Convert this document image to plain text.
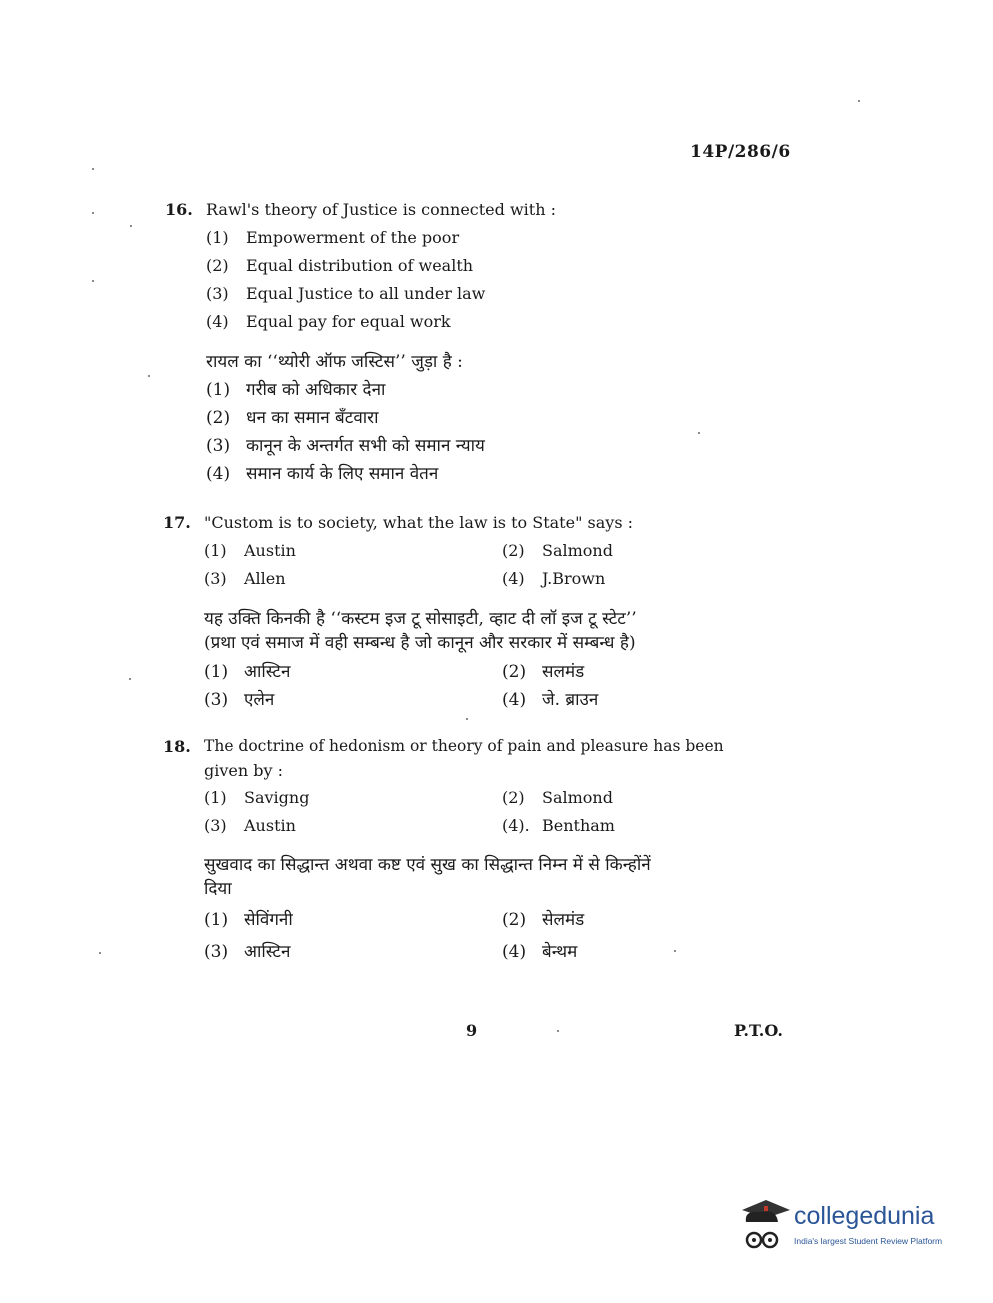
14P/286/6
16. Rawl's theory of Justice is connected with :
(1) Empowerment of the poor
(2) Equal distribution of wealth
(3) Equal Justice to all under law
(4) Equal pay for equal work
रायल का ‘‘थ्योरी ऑफ जस्टिस’’ जुड़ा है :
(1) गरीब को अधिकार देना
(2) धन का समान बँटवारा
(3) कानून के अन्तर्गत सभी को समान न्याय
(4) समान कार्य के लिए समान वेतन
17. "Custom is to society, what the law is to State" says :
(1) Austin	(2) Salmond
(3) Allen	(4) J.Brown
यह उक्ति किनकी है ‘‘कस्टम इज टू सोसाइटी, व्हाट दी लॉ इज टू स्टेट’’
(प्रथा एवं समाज में वही सम्बन्ध है जो कानून और सरकार में सम्बन्ध है)
(1) आस्टिन	(2) सलमंड
(3) एलेन	(4) जे. ब्राउन
18. The doctrine of hedonism or theory of pain and pleasure has been
given by :
(1) Savigng	(2) Salmond
(3) Austin	(4). Bentham
सुखवाद का सिद्धान्त अथवा कष्ट एवं सुख का सिद्धान्त निम्न में से किन्होंनें
दिया
(1) सेविंगनी	(2) सेलमंड
(3) आस्टिन	(4) बेन्थम
9	P.T.O.
collegedunia
India's largest Student Review Platform
